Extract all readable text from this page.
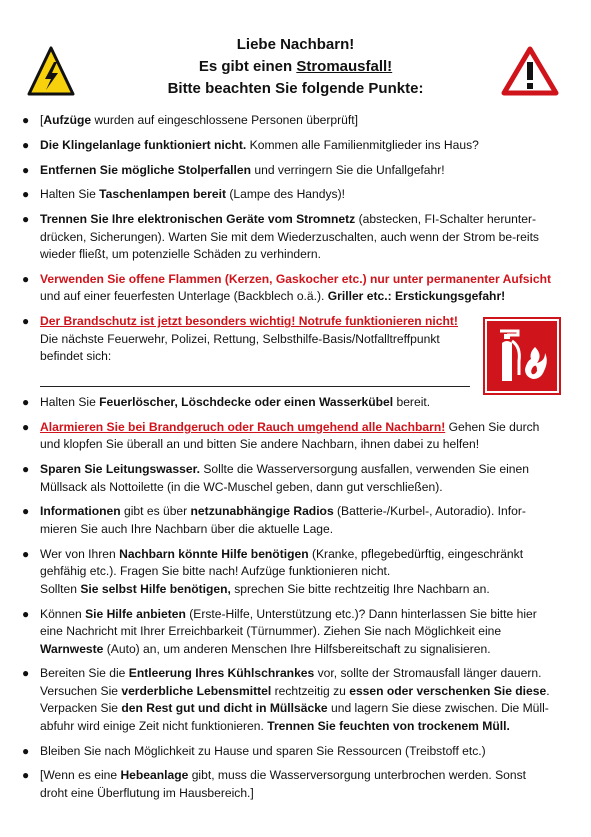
Liebe Nachbarn!
Es gibt einen Stromausfall!
Bitte beachten Sie folgende Punkte:
● [Aufzüge wurden auf eingeschlossene Personen überprüft]
● Die Klingelanlage funktioniert nicht. Kommen alle Familienmitglieder ins Haus?
● Entfernen Sie mögliche Stolperfallen und verringern Sie die Unfallgefahr!
● Halten Sie Taschenlampen bereit (Lampe des Handys)!
● Trennen Sie Ihre elektronischen Geräte vom Stromnetz (abstecken, FI-Schalter herunter-drücken, Sicherungen). Warten Sie mit dem Wiederzuschalten, auch wenn der Strom be-reits wieder fließt, um potenzielle Schäden zu verhindern.
● Verwenden Sie offene Flammen (Kerzen, Gaskocher etc.) nur unter permanenter Aufsicht und auf einer feuerfesten Unterlage (Backblech o.ä.). Griller etc.: Erstickungsgefahr!
● Der Brandschutz ist jetzt besonders wichtig! Notrufe funktionieren nicht!
Die nächste Feuerwehr, Polizei, Rettung, Selbsthilfe-Basis/Notfalltreffpunkt befindet sich:
● Halten Sie Feuerlöscher, Löschdecke oder einen Wasserkübel bereit.
● Alarmieren Sie bei Brandgeruch oder Rauch umgehend alle Nachbarn! Gehen Sie durch und klopfen Sie überall an und bitten Sie andere Nachbarn, ihnen dabei zu helfen!
● Sparen Sie Leitungswasser. Sollte die Wasserversorgung ausfallen, verwenden Sie einen Müllsack als Nottoilette (in die WC-Muschel geben, dann gut verschließen).
● Informationen gibt es über netzunabhängige Radios (Batterie-/Kurbel-, Autoradio). Infor-mieren Sie auch Ihre Nachbarn über die aktuelle Lage.
● Wer von Ihren Nachbarn könnte Hilfe benötigen (Kranke, pflegebedürftig, eingeschränkt gehfähig etc.). Fragen Sie bitte nach! Aufzüge funktionieren nicht.
Sollten Sie selbst Hilfe benötigen, sprechen Sie bitte rechtzeitig Ihre Nachbarn an.
● Können Sie Hilfe anbieten (Erste-Hilfe, Unterstützung etc.)? Dann hinterlassen Sie bitte hier eine Nachricht mit Ihrer Erreichbarkeit (Türnummer). Ziehen Sie nach Möglichkeit eine Warnweste (Auto) an, um anderen Menschen Ihre Hilfsbereitschaft zu signalisieren.
● Bereiten Sie die Entleerung Ihres Kühlschrankes vor, sollte der Stromausfall länger dauern. Versuchen Sie verderbliche Lebensmittel rechtzeitig zu essen oder verschenken Sie diese. Verpacken Sie den Rest gut und dicht in Müllsäcke und lagern Sie diese zwischen. Die Müll-abfuhr wird einige Zeit nicht funktionieren. Trennen Sie feuchten von trockenem Müll.
● Bleiben Sie nach Möglichkeit zu Hause und sparen Sie Ressourcen (Treibstoff etc.)
● [Wenn es eine Hebeanlage gibt, muss die Wasserversorgung unterbrochen werden. Sonst droht eine Überflutung im Hausbereich.]
